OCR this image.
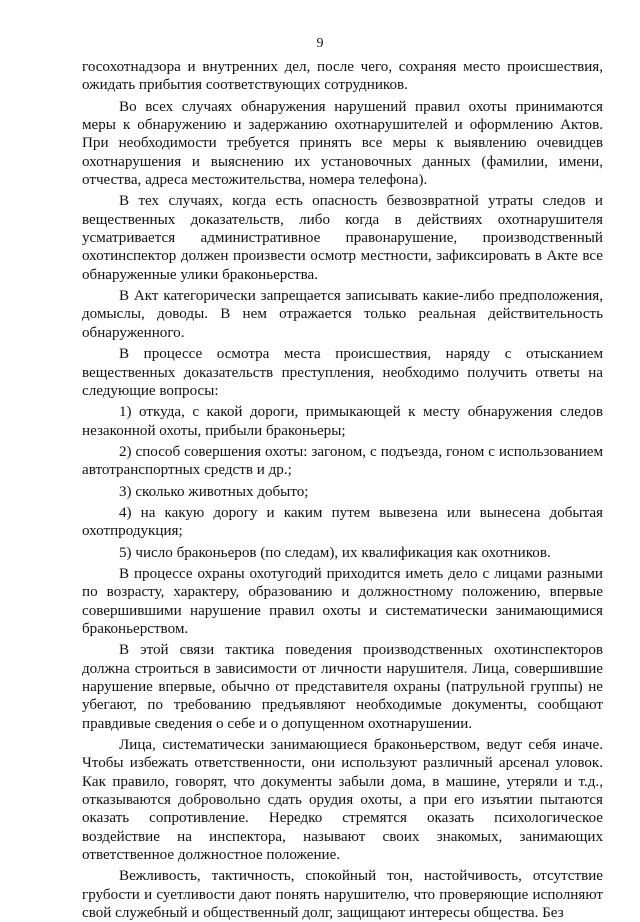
9

госохотнадзора и внутренних дел, после чего, сохраняя место происшествия, ожидать прибытия соответствующих сотрудников.

Во всех случаях обнаружения нарушений правил охоты принимаются меры к обнаружению и задержанию охотнарушителей и оформлению Актов. При необходимости требуется принять все меры к выявлению очевидцев охотнарушения и выяснению их установочных данных (фамилии, имени, отчества, адреса местожительства, номера телефона).

В тех случаях, когда есть опасность безвозвратной утраты следов и вещественных доказательств, либо когда в действиях охотнарушителя усматривается административное правонарушение, производственный охотинспектор должен произвести осмотр местности, зафиксировать в Акте все обнаруженные улики браконьерства.

В Акт категорически запрещается записывать какие-либо предположения, домыслы, доводы. В нем отражается только реальная действительность обнаруженного.

В процессе осмотра места происшествия, наряду с отысканием вещественных доказательств преступления, необходимо получить ответы на следующие вопросы:

1) откуда, с какой дороги, примыкающей к месту обнаружения следов незаконной охоты, прибыли браконьеры;

2) способ совершения охоты: загоном, с подъезда, гоном с использованием автотранспортных средств и др.;

3) сколько животных добыто;

4) на какую дорогу и каким путем вывезена или вынесена добытая охотпродукция;

5) число браконьеров (по следам), их квалификация как охотников.

В процессе охраны охотугодий приходится иметь дело с лицами разными по возрасту, характеру, образованию и должностному положению, впервые совершившими нарушение правил охоты и систематически занимающимися браконьерством.

В этой связи тактика поведения производственных охотинспекторов должна строиться в зависимости от личности нарушителя. Лица, совершившие нарушение впервые, обычно от представителя охраны (патрульной группы) не убегают, по требованию предъявляют необходимые документы, сообщают правдивые сведения о себе и о допущенном охотнарушении.

Лица, систематически занимающиеся браконьерством, ведут себя иначе. Чтобы избежать ответственности, они используют различный арсенал уловок. Как правило, говорят, что документы забыли дома, в машине, утеряли и т.д., отказываются добровольно сдать орудия охоты, а при его изъятии пытаются оказать сопротивление. Нередко стремятся оказать психологическое воздействие на инспектора, называют своих знакомых, занимающих ответственное должностное положение.

Вежливость, тактичность, спокойный тон, настойчивость, отсутствие грубости и суетливости дают понять нарушителю, что проверяющие исполняют свой служебный и общественный долг, защищают интересы общества. Без
